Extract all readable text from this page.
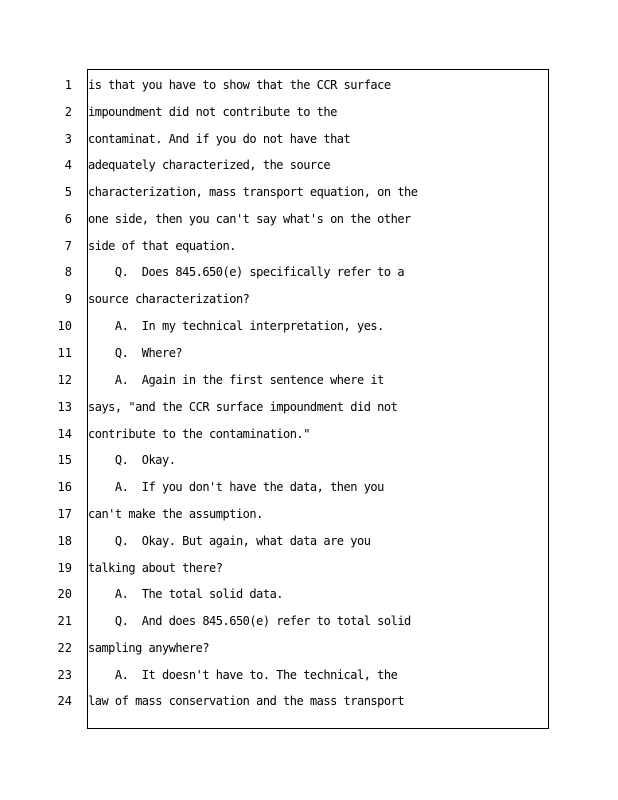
1 is that you have to show that the CCR surface
2 impoundment did not contribute to the
3 contaminat. And if you do not have that
4 adequately characterized, the source
5 characterization, mass transport equation, on the
6 one side, then you can't say what's on the other
7 side of that equation.
8 Q.  Does 845.650(e) specifically refer to a
9 source characterization?
10 A.  In my technical interpretation, yes.
11 Q.  Where?
12 A.  Again in the first sentence where it
13 says, "and the CCR surface impoundment did not
14 contribute to the contamination."
15 Q.  Okay.
16 A.  If you don't have the data, then you
17 can't make the assumption.
18 Q.  Okay. But again, what data are you
19 talking about there?
20 A.  The total solid data.
21 Q.  And does 845.650(e) refer to total solid
22 sampling anywhere?
23 A.  It doesn't have to. The technical, the
24 law of mass conservation and the mass transport
